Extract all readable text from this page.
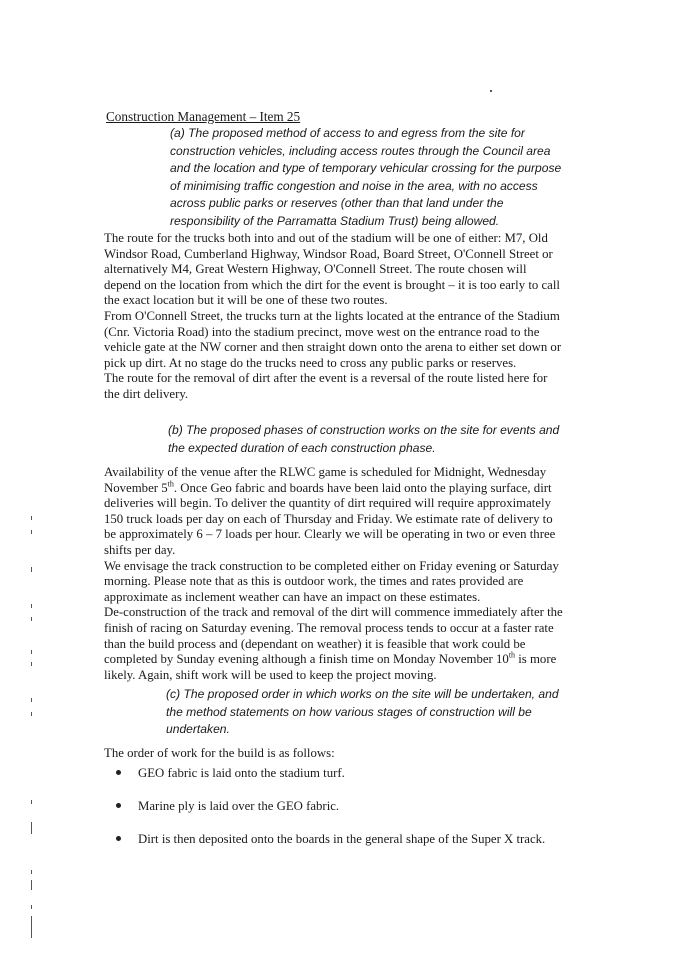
Construction Management – Item 25
(a) The proposed method of access to and egress from the site for construction vehicles, including access routes through the Council area and the location and type of temporary vehicular crossing for the purpose of minimising traffic congestion and noise in the area, with no access across public parks or reserves (other than that land under the responsibility of the Parramatta Stadium Trust) being allowed.

The route for the trucks both into and out of the stadium will be one of either: M7, Old Windsor Road, Cumberland Highway, Windsor Road, Board Street, O'Connell Street or alternatively M4, Great Western Highway, O'Connell Street. The route chosen will depend on the location from which the dirt for the event is brought – it is too early to call the exact location but it will be one of these two routes.

From O'Connell Street, the trucks turn at the lights located at the entrance of the Stadium (Cnr. Victoria Road) into the stadium precinct, move west on the entrance road to the vehicle gate at the NW corner and then straight down onto the arena to either set down or pick up dirt. At no stage do the trucks need to cross any public parks or reserves.

The route for the removal of dirt after the event is a reversal of the route listed here for the dirt delivery.

(b) The proposed phases of construction works on the site for events and the expected duration of each construction phase.

Availability of the venue after the RLWC game is scheduled for Midnight, Wednesday November 5th. Once Geo fabric and boards have been laid onto the playing surface, dirt deliveries will begin. To deliver the quantity of dirt required will require approximately 150 truck loads per day on each of Thursday and Friday. We estimate rate of delivery to be approximately 6 – 7 loads per hour. Clearly we will be operating in two or even three shifts per day.

We envisage the track construction to be completed either on Friday evening or Saturday morning. Please note that as this is outdoor work, the times and rates provided are approximate as inclement weather can have an impact on these estimates.

De-construction of the track and removal of the dirt will commence immediately after the finish of racing on Saturday evening. The removal process tends to occur at a faster rate than the build process and (dependant on weather) it is feasible that work could be completed by Sunday evening although a finish time on Monday November 10th is more likely. Again, shift work will be used to keep the project moving.

(c) The proposed order in which works on the site will be undertaken, and the method statements on how various stages of construction will be undertaken.
The order of work for the build is as follows:
GEO fabric is laid onto the stadium turf.
Marine ply is laid over the GEO fabric.
Dirt is then deposited onto the boards in the general shape of the Super X track.
